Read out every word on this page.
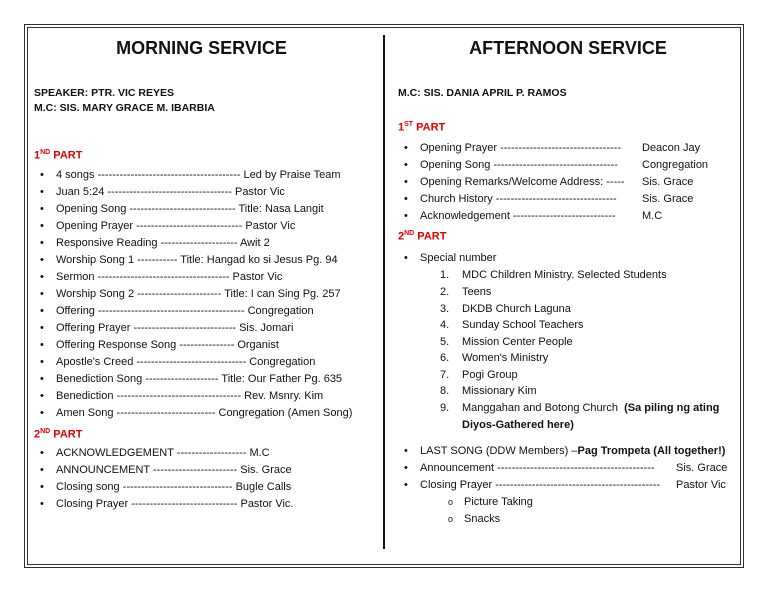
MORNING SERVICE
SPEAKER: PTR. VIC REYES
M.C: SIS. MARY GRACE M. IBARBIA
1ND PART
• 4 songs --------------------------------------- Led by Praise Team
• Juan 5:24 ---------------------------------- Pastor Vic
• Opening Song ----------------------------- Title: Nasa Langit
• Opening Prayer ----------------------------- Pastor Vic
• Responsive Reading --------------------- Awit 2
• Worship Song 1 ----------- Title: Hangad ko si Jesus Pg. 94
• Sermon ------------------------------------ Pastor Vic
• Worship Song 2 ----------------------- Title: I can Sing Pg. 257
• Offering ---------------------------------------- Congregation
• Offering Prayer ---------------------------- Sis. Jomari
• Offering Response Song --------------- Organist
• Apostle's Creed ------------------------------ Congregation
• Benediction Song -------------------- Title: Our Father Pg. 635
• Benediction ---------------------------------- Rev. Msnry. Kim
• Amen Song --------------------------- Congregation (Amen Song)
2ND PART
• ACKNOWLEDGEMENT ------------------- M.C
• ANNOUNCEMENT ----------------------- Sis. Grace
• Closing song ------------------------------ Bugle Calls
• Closing Prayer ----------------------------- Pastor Vic.
AFTERNOON SERVICE
M.C: SIS. DANIA APRIL P. RAMOS
1ST PART
• Opening Prayer ---------------------------------	Deacon Jay
• Opening Song ----------------------------------	Congregation
• Opening Remarks/Welcome Address: -----	Sis. Grace
• Church History ---------------------------------	Sis. Grace
• Acknowledgement ----------------------------	M.C
2ND PART
• Special number
1. MDC Children Ministry. Selected Students
2. Teens
3. DKDB Church Laguna
4. Sunday School Teachers
5. Mission Center People
6. Women's Ministry
7. Pogi Group
8. Missionary Kim
9. Manggahan and Botong Church (Sa piling ng ating Diyos-Gathered here)
• LAST SONG (DDW Members) –Pag Trompeta (All together!)
• Announcement -------------------------------------------	Sis. Grace
• Closing Prayer ---------------------------------------------	Pastor Vic
o Picture Taking
o Snacks
